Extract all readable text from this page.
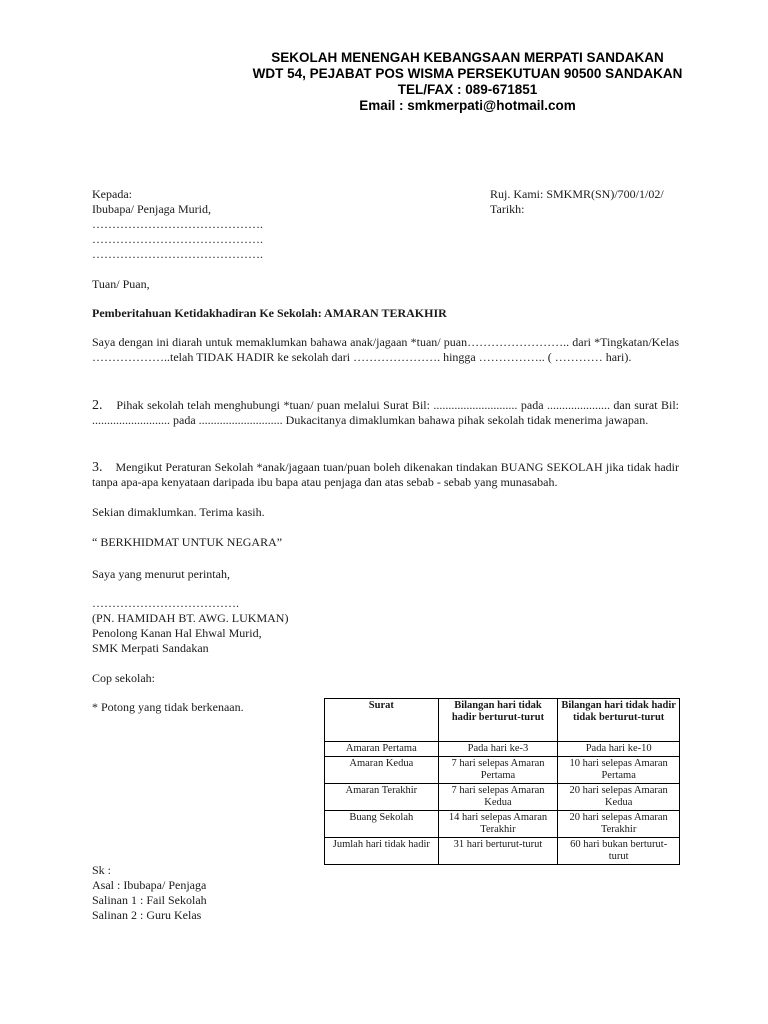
SEKOLAH MENENGAH KEBANGSAAN MERPATI SANDAKAN
WDT 54, PEJABAT POS WISMA PERSEKUTUAN 90500 SANDAKAN
TEL/FAX : 089-671851
Email : smkmerpati@hotmail.com
Kepada:
Ibubapa/ Penjaga Murid,
…………………………………….
…………………………………….
…………………………………….
Ruj. Kami: SMKMR(SN)/700/1/02/
Tarikh:
Tuan/ Puan,
Pemberitahuan Ketidakhadiran Ke Sekolah: AMARAN TERAKHIR
Saya dengan ini diarah untuk memaklumkan bahawa anak/jagaan *tuan/ puan…………………….. dari *Tingkatan/Kelas ………………..telah TIDAK HADIR ke sekolah dari …………………. hingga …………….. ( ………… hari).
2. Pihak sekolah telah menghubungi *tuan/ puan melalui Surat Bil: ............................ pada ..................... dan surat Bil: .......................... pada ............................ Dukacitanya dimaklumkan bahawa pihak sekolah tidak menerima jawapan.
3. Mengikut Peraturan Sekolah *anak/jagaan tuan/puan boleh dikenakan tindakan BUANG SEKOLAH jika tidak hadir tanpa apa-apa kenyataan daripada ibu bapa atau penjaga dan atas sebab - sebab yang munasabah.
Sekian dimaklumkan. Terima kasih.
“ BERKHIDMAT UNTUK NEGARA”
Saya yang menurut perintah,
……………………………….
(PN. HAMIDAH BT. AWG. LUKMAN)
Penolong Kanan Hal Ehwal Murid,
SMK Merpati Sandakan
Cop sekolah:
* Potong yang tidak berkenaan.	Surat	Bilangan hari tidak hadir berturut-turut	Bilangan hari tidak hadir tidak berturut-turut
Amaran Pertama	Pada hari ke-3	Pada hari ke-10
Amaran Kedua	7 hari selepas Amaran Pertama	10 hari selepas Amaran Pertama
Amaran Terakhir	7 hari selepas Amaran Kedua	20 hari selepas Amaran Kedua
Buang Sekolah	14 hari selepas Amaran Terakhir	20 hari selepas Amaran Terakhir
Jumlah hari tidak hadir	31 hari berturut-turut	60 hari bukan berturut-turut
Sk :
Asal : Ibubapa/ Penjaga
Salinan 1 : Fail Sekolah
Salinan 2 : Guru Kelas
